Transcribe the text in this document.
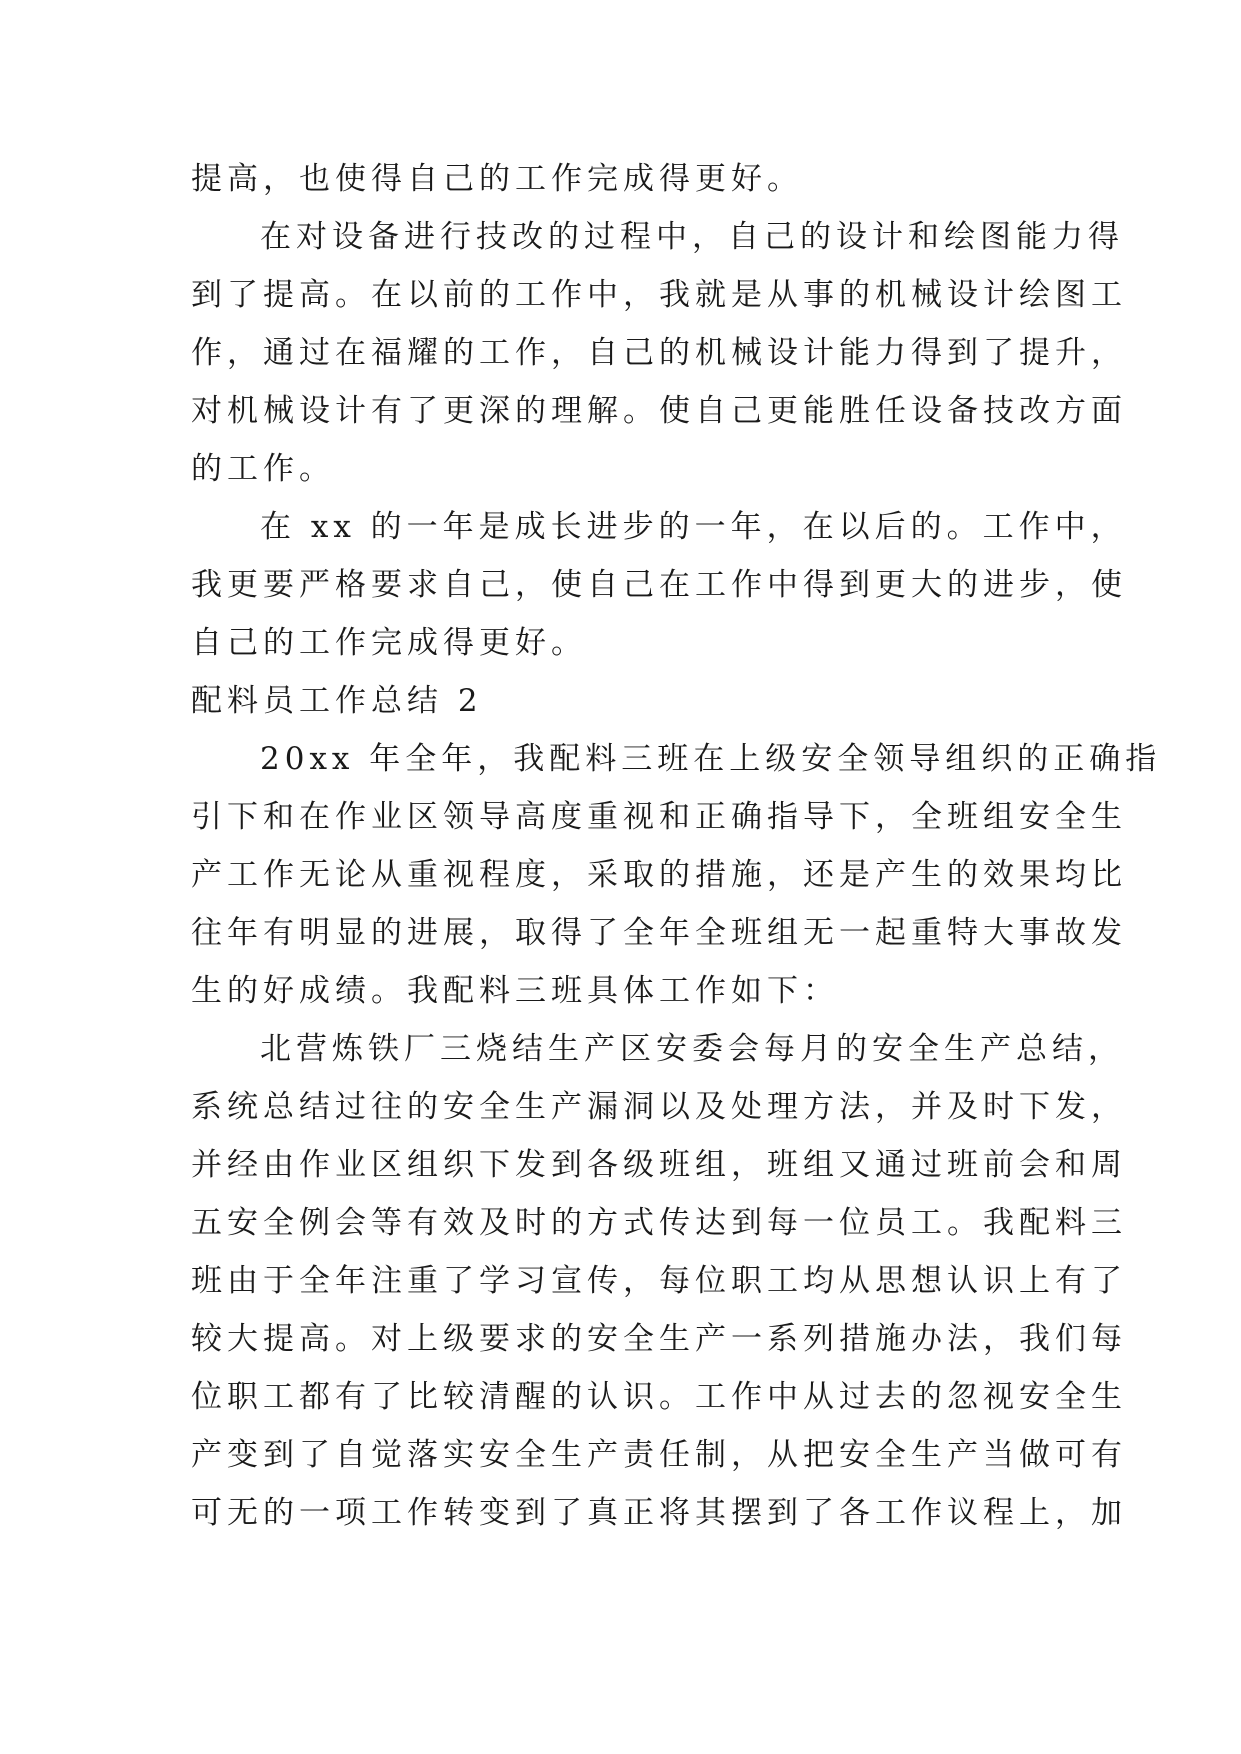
提高，也使得自己的工作完成得更好。
在对设备进行技改的过程中，自己的设计和绘图能力得
到了提高。在以前的工作中，我就是从事的机械设计绘图工
作，通过在福耀的工作，自己的机械设计能力得到了提升，
对机械设计有了更深的理解。使自己更能胜任设备技改方面
的工作。
在 xx 的一年是成长进步的一年，在以后的。工作中，
我更要严格要求自己，使自己在工作中得到更大的进步，使
自己的工作完成得更好。
配料员工作总结 2
20xx 年全年，我配料三班在上级安全领导组织的正确指
引下和在作业区领导高度重视和正确指导下，全班组安全生
产工作无论从重视程度，采取的措施，还是产生的效果均比
往年有明显的进展，取得了全年全班组无一起重特大事故发
生的好成绩。我配料三班具体工作如下：
北营炼铁厂三烧结生产区安委会每月的安全生产总结，
系统总结过往的安全生产漏洞以及处理方法，并及时下发，
并经由作业区组织下发到各级班组，班组又通过班前会和周
五安全例会等有效及时的方式传达到每一位员工。我配料三
班由于全年注重了学习宣传，每位职工均从思想认识上有了
较大提高。对上级要求的安全生产一系列措施办法，我们每
位职工都有了比较清醒的认识。工作中从过去的忽视安全生
产变到了自觉落实安全生产责任制，从把安全生产当做可有
可无的一项工作转变到了真正将其摆到了各工作议程上，加
